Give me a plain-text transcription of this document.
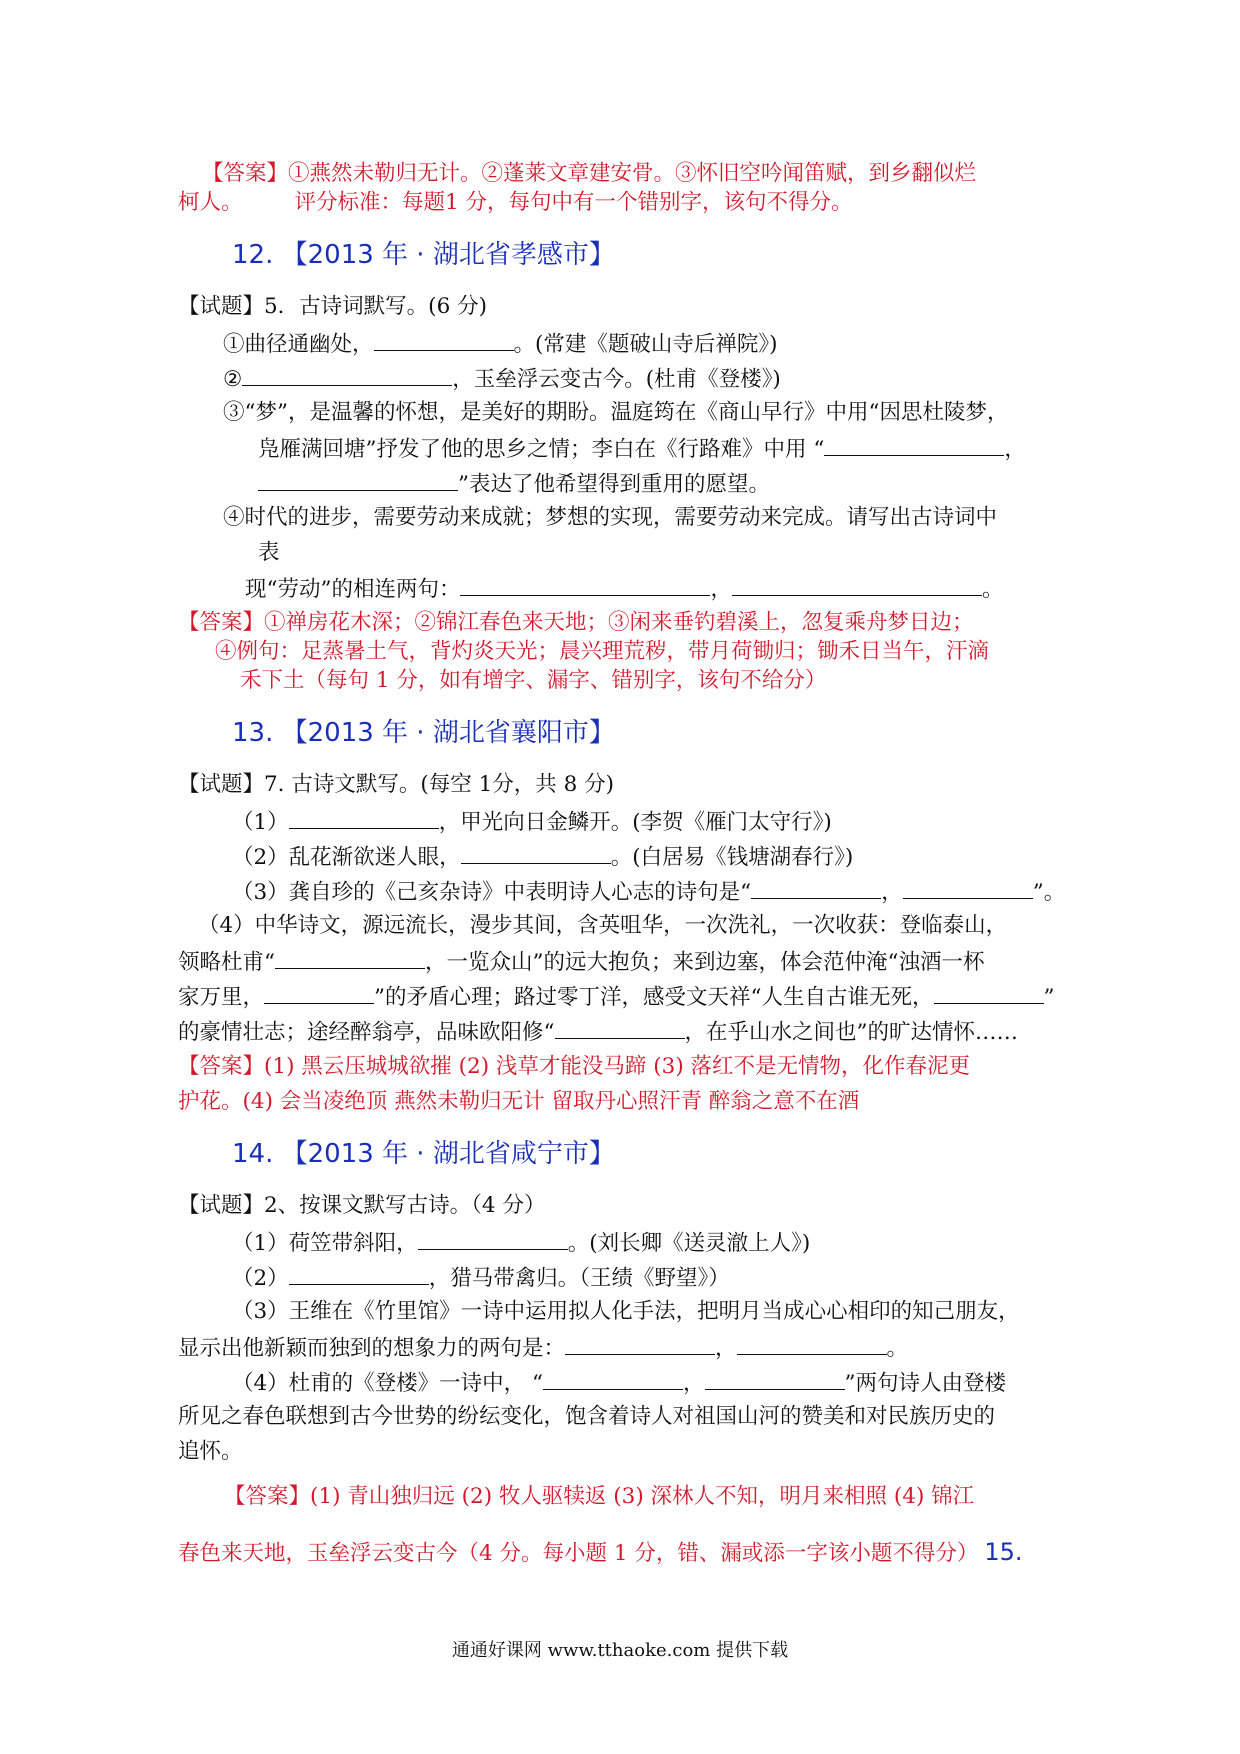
【答案】①燕然未勒归无计。②蓬莱文章建安骨。③怀旧空吟闻笛赋，到乡翻似烂
柯人。 评分标准：每题1 分，每句中有一个错别字，该句不得分。
12. 【2013 年 · 湖北省孝感市】
【试题】5．古诗词默写。(6 分)
①曲径通幽处，	。(常建《题破山寺后禅院》)
②	，玉垒浮云变古今。(杜甫《登楼》)
③“梦”，是温馨的怀想，是美好的期盼。温庭筠在《商山早行》中用“因思杜陵梦，
凫雁满回塘”抒发了他的思乡之情；李白在《行路难》中用 “	，
”表达了他希望得到重用的愿望。
④时代的进步，需要劳动来成就；梦想的实现，需要劳动来完成。请写出古诗词中
表
现“劳动”的相连两句：	，	。
【答案】①禅房花木深；②锦江春色来天地；③闲来垂钓碧溪上，忽复乘舟梦日边；
④例句：足蒸暑土气，背灼炎天光；晨兴理荒秽，带月荷锄归；锄禾日当午，汗滴
禾下土（每句 1 分，如有增字、漏字、错别字，该句不给分）
13. 【2013 年 · 湖北省襄阳市】
【试题】7. 古诗文默写。(每空 1分，共 8 分)
（1）	，甲光向日金鳞开。(李贺《雁门太守行》)
（2）乱花渐欲迷人眼，	。(白居易《钱塘湖春行》)
（3）龚自珍的《己亥杂诗》中表明诗人心志的诗句是“	，	”。
（4）中华诗文，源远流长，漫步其间，含英咀华，一次洗礼，一次收获：登临泰山，
领略杜甫“	，一览众山”的远大抱负；来到边塞，体会范仲淹“浊酒一杯
家万里，	”的矛盾心理；路过零丁洋，感受文天祥“人生自古谁无死，	”
的豪情壮志；途经醉翁亭，品味欧阳修“	，在乎山水之间也”的旷达情怀……
【答案】(1) 黑云压城城欲摧 (2) 浅草才能没马蹄 (3) 落红不是无情物，化作春泥更
护花。(4) 会当凌绝顶 燕然未勒归无计 留取丹心照汗青 醉翁之意不在酒
14. 【2013 年 · 湖北省咸宁市】
【试题】2、按课文默写古诗。（4 分）
（1）荷笠带斜阳，	。(刘长卿《送灵澈上人》)
（2）	，猎马带禽归。（王绩《野望》）
（3）王维在《竹里馆》一诗中运用拟人化手法，把明月当成心心相印的知己朋友，
显示出他新颖而独到的想象力的两句是：	，	。
（4）杜甫的《登楼》一诗中， “	，	”两句诗人由登楼
所见之春色联想到古今世势的纷纭变化，饱含着诗人对祖国山河的赞美和对民族历史的
追怀。
【答案】(1) 青山独归远 (2) 牧人驱犊返 (3) 深林人不知，明月来相照 (4) 锦江
春色来天地，玉垒浮云变古今（4 分。每小题 1 分，错、漏或添一字该小题不得分） 15.
通通好课网 www.tthaoke.com 提供下载
